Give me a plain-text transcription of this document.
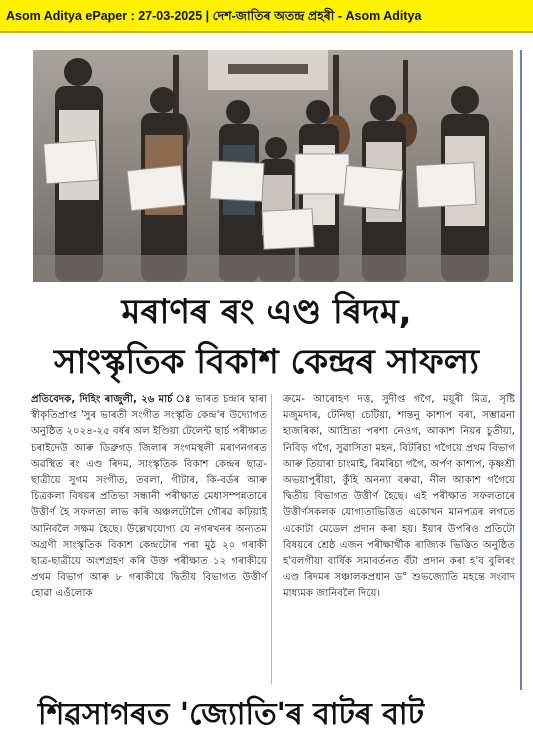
Asom Aditya ePaper : 27-03-2025 | দেশ-জাতিৰ অতন্দ্ৰ প্ৰহৰী - Asom Aditya
মৰাণৰ ৰং এণ্ড ৰিদম,
সাংস্কৃতিক বিকাশ কেন্দ্ৰৰ সাফল্য
প্ৰতিবেদক, দিহিং ৰাজুলী, ২৬ মাৰ্চ ঃ ভাৰত চন্দ্ৰাৰ দ্বাৰা স্বীকৃতিপ্ৰাপ্ত 'সুৰ ভাৰতী সংগীত সংস্কৃতি কেন্দ্ৰ'ৰ উদ্যোগত অনুষ্ঠিত ২০২৪-২৫ বৰ্ষৰ অল ইণ্ডিয়া টেলেন্ট ছাৰ্চ পৰীক্ষাত চৰাইদেউ আৰু ডিব্ৰুগড় জিলাৰ সংগমস্থলী মৰাণনগৰত অৱস্থিত ৰং এণ্ড ৰিদম, সাংস্কৃতিক বিকাশ কেন্দ্ৰৰ ছাত্ৰ-ছাত্ৰীয়ে সুগম সংগীত, তবলা, গীটাৰ, কি-বৰ্ডৰ আৰু চিত্ৰকলা বিষয়ৰ প্ৰতিভা সন্ধানী পৰীক্ষাত মেধাসম্পন্নতাৰে উত্তীৰ্ণ হৈ সফলতা লাভ কৰি অঞ্চলটোলৈ গৌৰৱ কঢ়িয়াই আনিবলৈ সক্ষম হৈছে। উল্লেখযোগ্য যে নগৰখনৰ অন্যতম অগ্ৰণী সাংস্কৃতিক বিকাশ কেন্দ্ৰটোৰ পৰা মুঠ ২০ গৰাকী ছাত্ৰ-ছাত্ৰীয়ে অংশগ্ৰহণ কৰি উক্ত পৰীক্ষাত ১২ গৰাকীয়ে প্ৰথম বিভাগ আৰু ৮ গৰাকীয়ে দ্বিতীয় বিভাগত উত্তীৰ্ণ হোৱা এওঁলোক
ক্ৰমে- আৰোহণ দত্ত, সুদীপ্ত গগৈ, ময়ূৰী মিত্ৰ, সৃষ্টি মজুমদাৰ, টেনিছা চেটিয়া, শান্তনু কাশ্যপ বৰা, সম্ভাৱনা হাজৰিকা, আম্ৰিতা পৰশা নেওগ, আকাশ নিয়ৰ চুতীয়া, নিবিড় গগৈ, সুৱাসিতা মহন, বিটৰিচা গগৈয়ে প্ৰথম বিভাগ আৰু তিয়াৰা চাংমাই, ৰিমৰিচা গগৈ, অৰ্পণ কাশ্যপ, কৃষ্ণশ্ৰী অভয়াপুৰীয়া, কুঁহি অনন্যা বৰুৱা, নীল আকাশ গগৈয়ে দ্বিতীয় বিভাগত উত্তীৰ্ণ হৈছে। এই পৰীক্ষাত সফলতাৰে উত্তীৰ্ণসকলক যোগ্যতাভিত্তিত একোখন মানপত্ৰৰ লগতে একোটা মেডেল প্ৰদান কৰা হয়। ইয়াৰ উপৰিও প্ৰতিটো বিষয়ৰে শ্ৰেষ্ঠ এজন পৰীক্ষাৰ্থীক ৰাজ্যিক ভিত্তিত অনুষ্ঠিত হ'বলগীয়া বাৰ্ষিক সমাবৰ্তনত বঁটা প্ৰদান কৰা হ'ব বুলিৰং এণ্ড ৰিদমৰ সঞ্চালকপ্ৰধান ড° শুভজ্যোতি মহন্তে সংবাদ মাধ্যমক জানিবলৈ দিয়ে।
শিৱসাগৰত 'জ্যোতি'ৰ বাটৰ বাট
